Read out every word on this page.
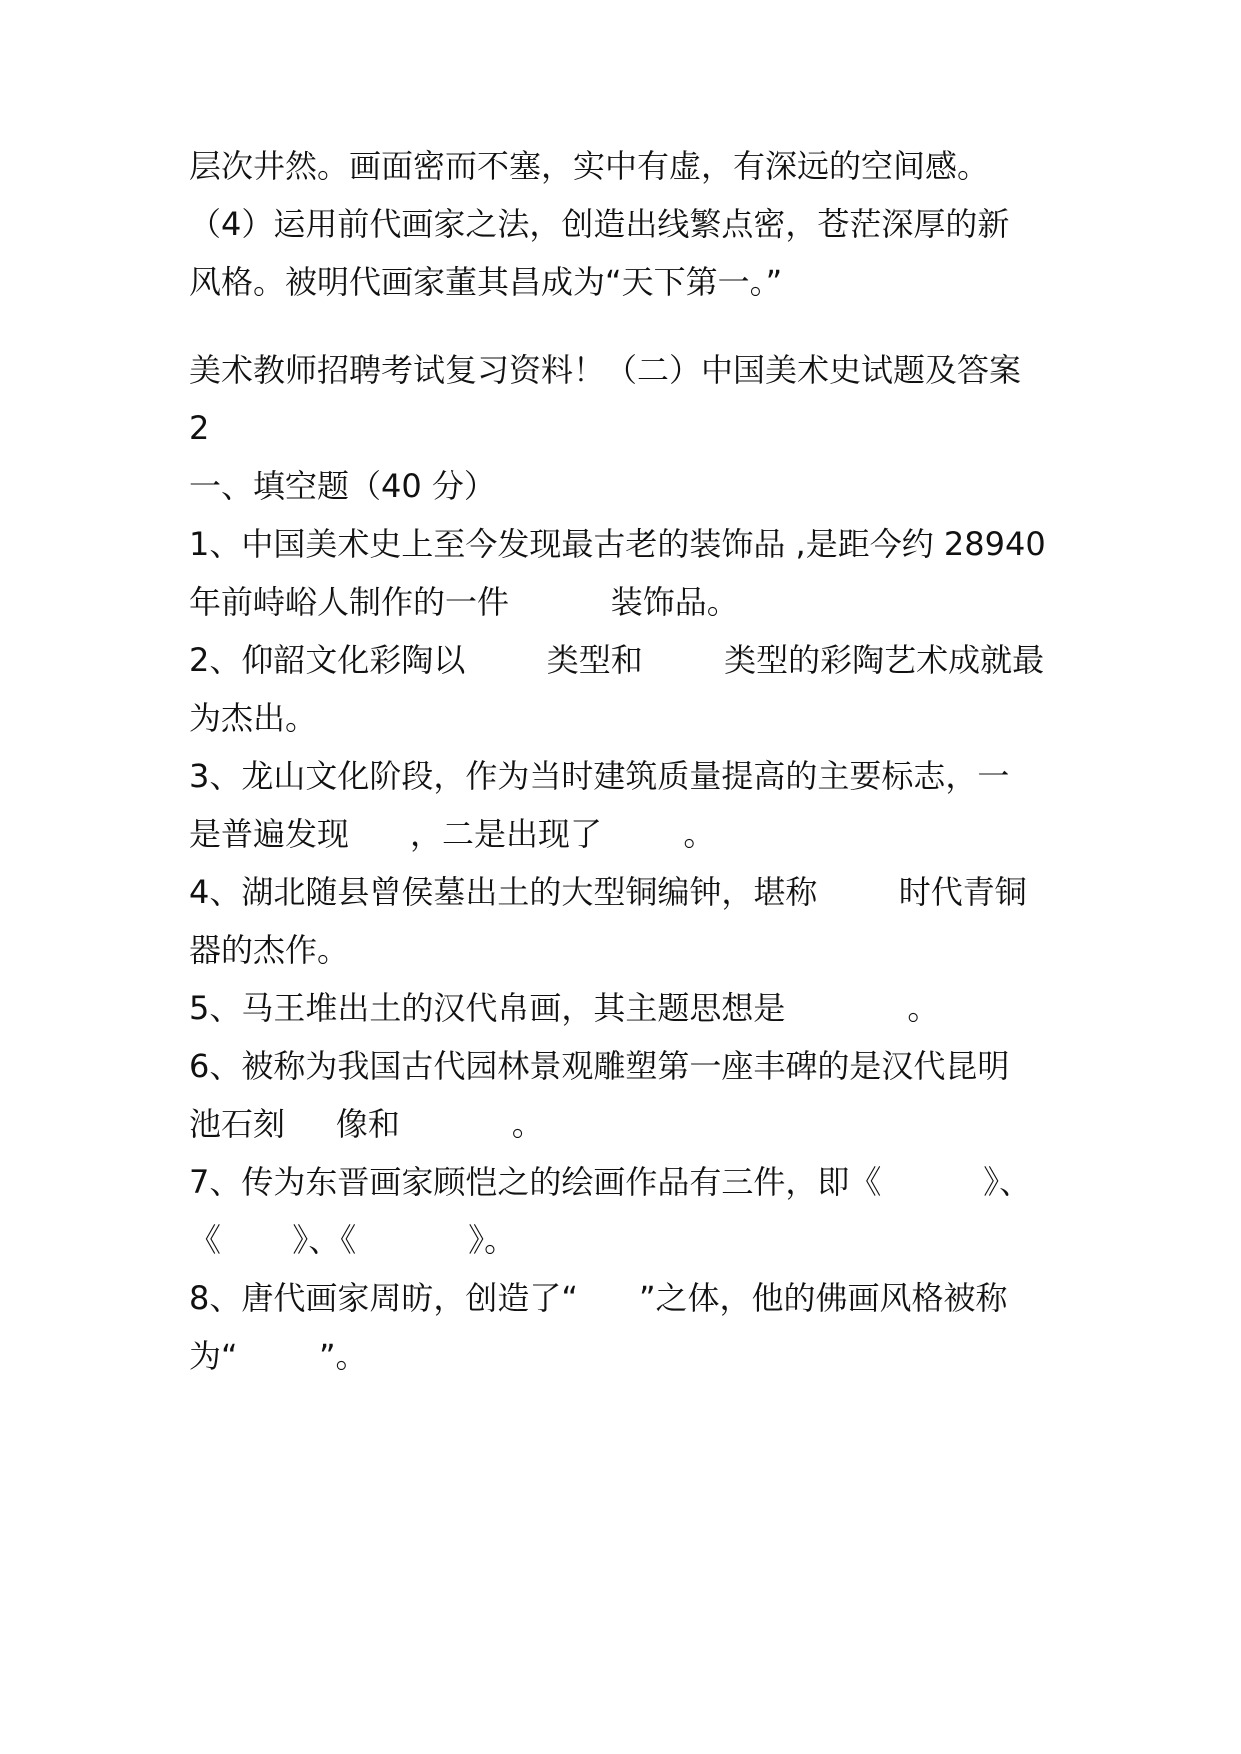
层次井然。画面密而不塞，实中有虚，有深远的空间感。
（4）运用前代画家之法，创造出线繁点密，苍茫深厚的新
风格。被明代画家董其昌成为“天下第一。”
美术教师招聘考试复习资料！（二）中国美术史试题及答案
2
一、填空题（40 分）
1、中国美术史上至今发现最古老的装饰品 ,是距今约 28940
年前峙峪人制作的一件          装饰品。
2、仰韶文化彩陶以        类型和        类型的彩陶艺术成就最
为杰出。
3、龙山文化阶段，作为当时建筑质量提高的主要标志，一
是普遍发现      ，二是出现了        。
4、湖北随县曾侯墓出土的大型铜编钟，堪称        时代青铜
器的杰作。
5、马王堆出土的汉代帛画，其主题思想是            。
6、被称为我国古代园林景观雕塑第一座丰碑的是汉代昆明
池石刻     像和           。
7、传为东晋画家顾恺之的绘画作品有三件，即《          》、
《       》、《           》。
8、唐代画家周昉，创造了“      ”之体，他的佛画风格被称
为“        ”。
